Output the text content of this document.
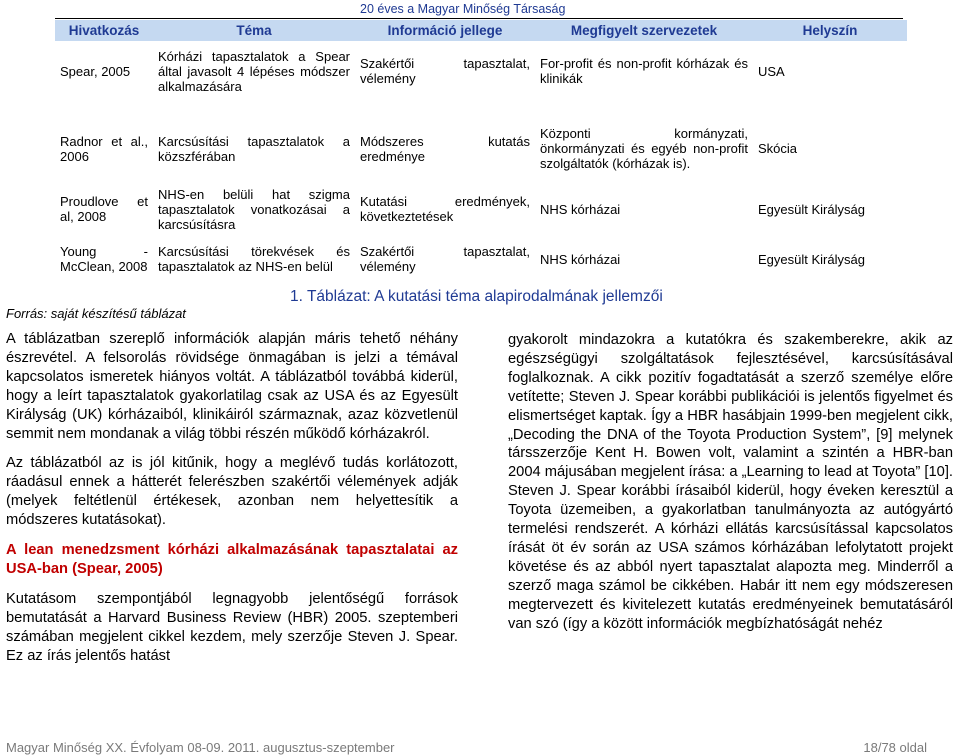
20 éves a Magyar Minőség Társaság
Hivatkozás	Téma	Információ jellege	Megfigyelt szervezetek	Helyszín
Spear, 2005	Kórházi tapasztalatok a Spear által javasolt 4 lépéses módszer alkalmazására	Szakértői tapasztalat, vélemény	For-profit és non-profit kórházak és klinikák	USA

Radnor et al., 2006	Karcsúsítási tapasztalatok a közszférában	Módszeres kutatás eredménye	Központi kormányzati, önkormányzati és egyéb non-profit szolgáltatók (kórházak is).	Skócia

Proudlove et al, 2008	NHS-en belüli hat szigma tapasztalatok vonatkozásai a karcsúsításra	Kutatási eredmények, következtetések	NHS kórházai	Egyesült Királyság
Young - McClean, 2008	Karcsúsítási törekvések és tapasztalatok az NHS-en belül	Szakértői tapasztalat, vélemény	NHS kórházai	Egyesült Királyság
1. Táblázat: A kutatási téma alapirodalmának jellemzői
Forrás: saját készítésű táblázat

A táblázatban szereplő információk alapján máris tehető néhány észrevétel. A felsorolás rövidsége önmagában is jelzi a témával kapcsolatos ismeretek hiányos voltát. A táblázatból továbbá kiderül, hogy a leírt tapasztalatok gyakorlatilag csak az USA és az Egyesült Királyság (UK) kórházaiból, klinikáiról származnak, azaz közvetlenül semmit nem mondanak a világ többi részén működő kórházakról.

Az táblázatból az is jól kitűnik, hogy a meglévő tudás korlátozott, ráadásul ennek a hátterét felerészben szakértői vélemények adják (melyek feltétlenül értékesek, azonban nem helyettesítik a módszeres kutatásokat).

A lean menedzsment kórházi alkalmazásának tapasztalatai az USA-ban (Spear, 2005)

Kutatásom szempontjából legnagyobb jelentőségű források bemutatását a Harvard Business Review (HBR) 2005. szeptemberi számában megjelent cikkel kezdem, mely szerzője Steven J. Spear. Ez az írás jelentős hatást

gyakorolt mindazokra a kutatókra és szakemberekre, akik az egészségügyi szolgáltatások fejlesztésével, karcsúsításával foglalkoznak. A cikk pozitív fogadtatását a szerző személye előre vetítette; Steven J. Spear korábbi publikációi is jelentős figyelmet és elismertséget kaptak. Így a HBR hasábjain 1999-ben megjelent cikk, „Decoding the DNA of the Toyota Production System”, [9] melynek társszerzője Kent H. Bowen volt, valamint a szintén a HBR-ban 2004 májusában megjelent írása: a „Learning to lead at Toyota” [10]. Steven J. Spear korábbi írásaiból kiderül, hogy éveken keresztül a Toyota üzemeiben, a gyakorlatban tanulmányozta az autógyártó termelési rendszerét. A kórházi ellátás karcsúsítással kapcsolatos írását öt év során az USA számos kórházában lefolytatott projekt követése és az abból nyert tapasztalat alapozta meg. Minderről a szerző maga számol be cikkében. Habár itt nem egy módszeresen megtervezett és kivitelezett kutatás eredményeinek bemutatásáról van szó (így a között információk megbízhatóságát nehéz

Magyar Minőség XX. Évfolyam 08-09. 2011. augusztus-szeptember	18/78 oldal
